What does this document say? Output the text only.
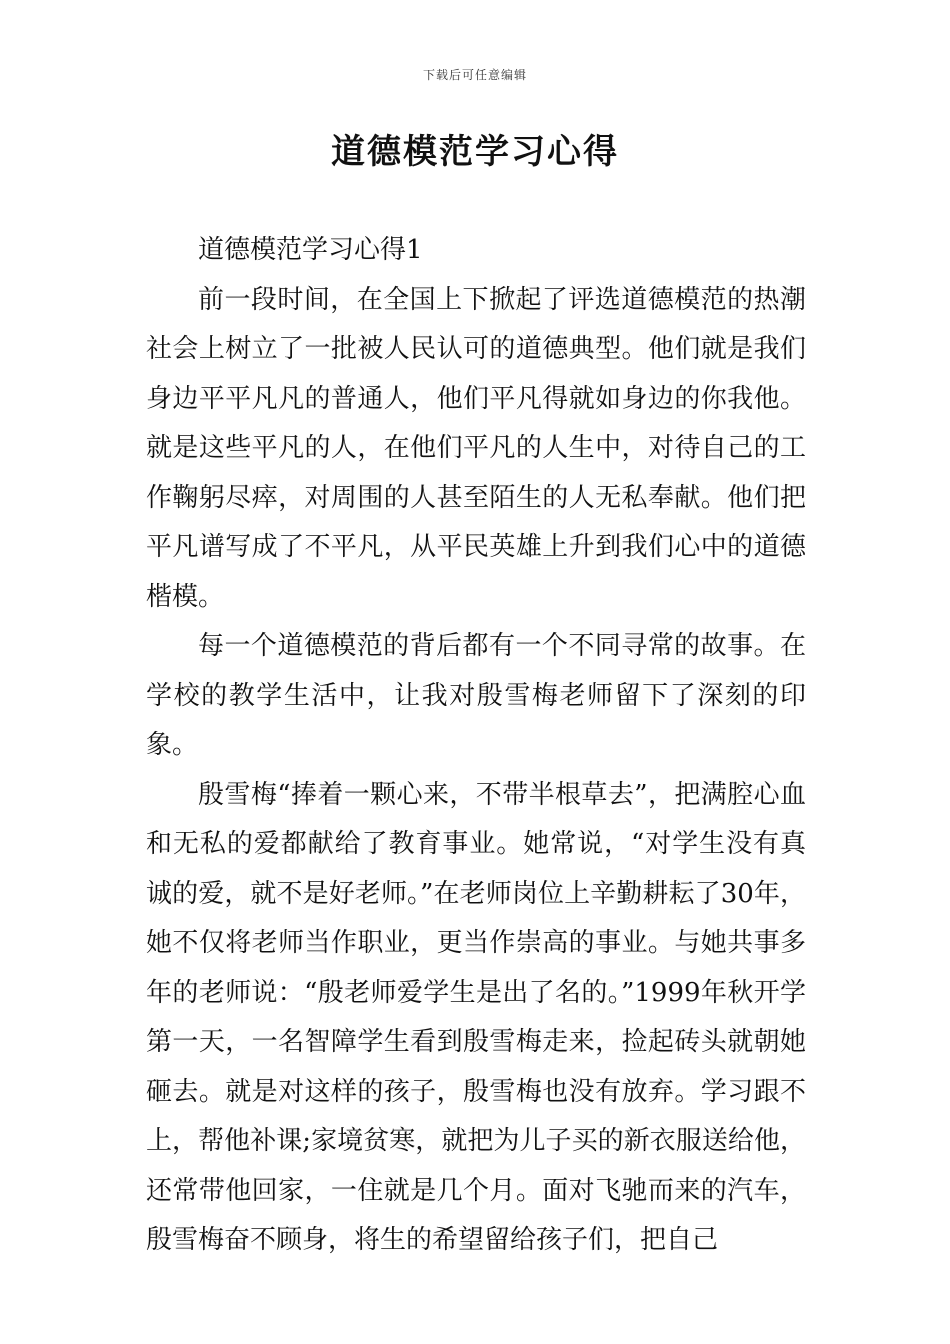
下载后可任意编辑
道德模范学习心得

道德模范学习心得1

前一段时间，在全国上下掀起了评选道德模范的热潮社会上树立了一批被人民认可的道德典型。他们就是我们身边平平凡凡的普通人，他们平凡得就如身边的你我他。就是这些平凡的人，在他们平凡的人生中，对待自己的工作鞠躬尽瘁，对周围的人甚至陌生的人无私奉献。他们把平凡谱写成了不平凡，从平民英雄上升到我们心中的道德楷模。

每一个道德模范的背后都有一个不同寻常的故事。在学校的教学生活中，让我对殷雪梅老师留下了深刻的印象。

殷雪梅“捧着一颗心来，不带半根草去”，把满腔心血和无私的爱都献给了教育事业。她常说，“对学生没有真诚的爱，就不是好老师。”在老师岗位上辛勤耕耘了30年，她不仅将老师当作职业，更当作崇高的事业。与她共事多年的老师说：“殷老师爱学生是出了名的。”1999年秋开学第一天，一名智障学生看到殷雪梅走来，捡起砖头就朝她砸去。就是对这样的孩子，殷雪梅也没有放弃。学习跟不上，帮他补课;家境贫寒，就把为儿子买的新衣服送给他，还常带他回家，一住就是几个月。面对飞驰而来的汽车，殷雪梅奋不顾身，将生的希望留给孩子们，把自己
